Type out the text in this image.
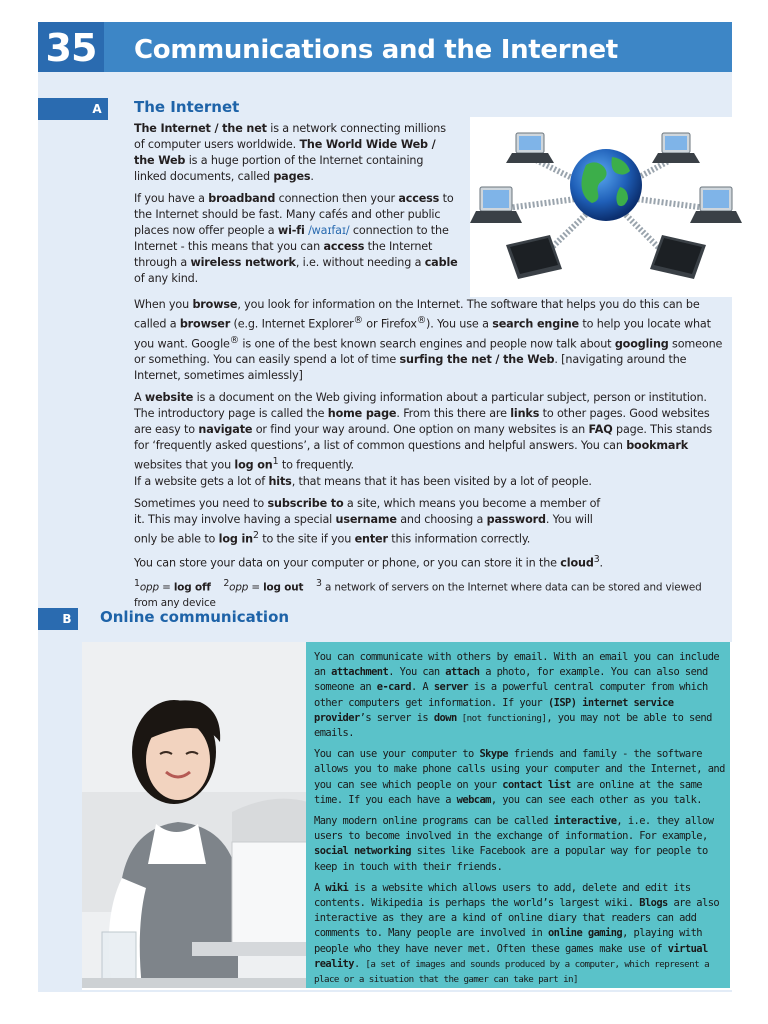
35 Communications and the Internet
A	The Internet

The Internet / the net is a network connecting millions of computer users worldwide. The World Wide Web / the Web is a huge portion of the Internet containing linked documents, called pages.

If you have a broadband connection then your access to the Internet should be fast. Many cafés and other public places now offer people a wi-fi /waɪfaɪ/ connection to the Internet - this means that you can access the Internet through a wireless network, i.e. without needing a cable of any kind.

When you browse, you look for information on the Internet. The software that helps you do this can be called a browser (e.g. Internet Explorer® or Firefox®). You use a search engine to help you locate what you want. Google® is one of the best known search engines and people now talk about googling someone or something. You can easily spend a lot of time surfing the net / the Web. [navigating around the Internet, sometimes aimlessly]

A website is a document on the Web giving information about a particular subject, person or institution. The introductory page is called the home page. From this there are links to other pages. Good websites are easy to navigate or find your way around. One option on many websites is an FAQ page. This stands for ‘frequently asked questions’, a list of common questions and helpful answers. You can bookmark websites that you $\log on^1$ to frequently.
If a website gets a lot of hits, that means that it has been visited by a lot of people.

Sometimes you need to subscribe to a site, which means you become a member of it. This may involve having a special username and choosing a password. You will only be able to $\log in^2$ to the site if you enter this information correctly.

You can store your data on your computer or phone, or you can store it in the cloud$^3$.

$^1$opp = log off $^2$opp = log out $^3$ a network of servers on the Internet where data can be stored and viewed from any device

B	Online communication

You can communicate with others by email. With an email you can include an attachment. You can attach a photo, for example. You can also send someone an e-card. A server is a powerful central computer from which other computers get information. If your (ISP) internet service provider’s server is down [not functioning], you may not be able to send emails.

You can use your computer to Skype friends and family - the software allows you to make phone calls using your computer and the Internet, and you can see which people on your contact list are online at the same time. If you each have a webcam, you can see each other as you talk.

Many modern online programs can be called interactive, i.e. they allow users to become involved in the exchange of information. For example, social networking sites like Facebook are a popular way for people to keep in touch with their friends.

A wiki is a website which allows users to add, delete and edit its contents. Wikipedia is perhaps the world’s largest wiki. Blogs are also interactive as they are a kind of online diary that readers can add comments to. Many people are involved in online gaming, playing with people who they have never met. Often these games make use of virtual reality. [a set of images and sounds produced by a computer, which represent a place or a situation that the gamer can take part in]
